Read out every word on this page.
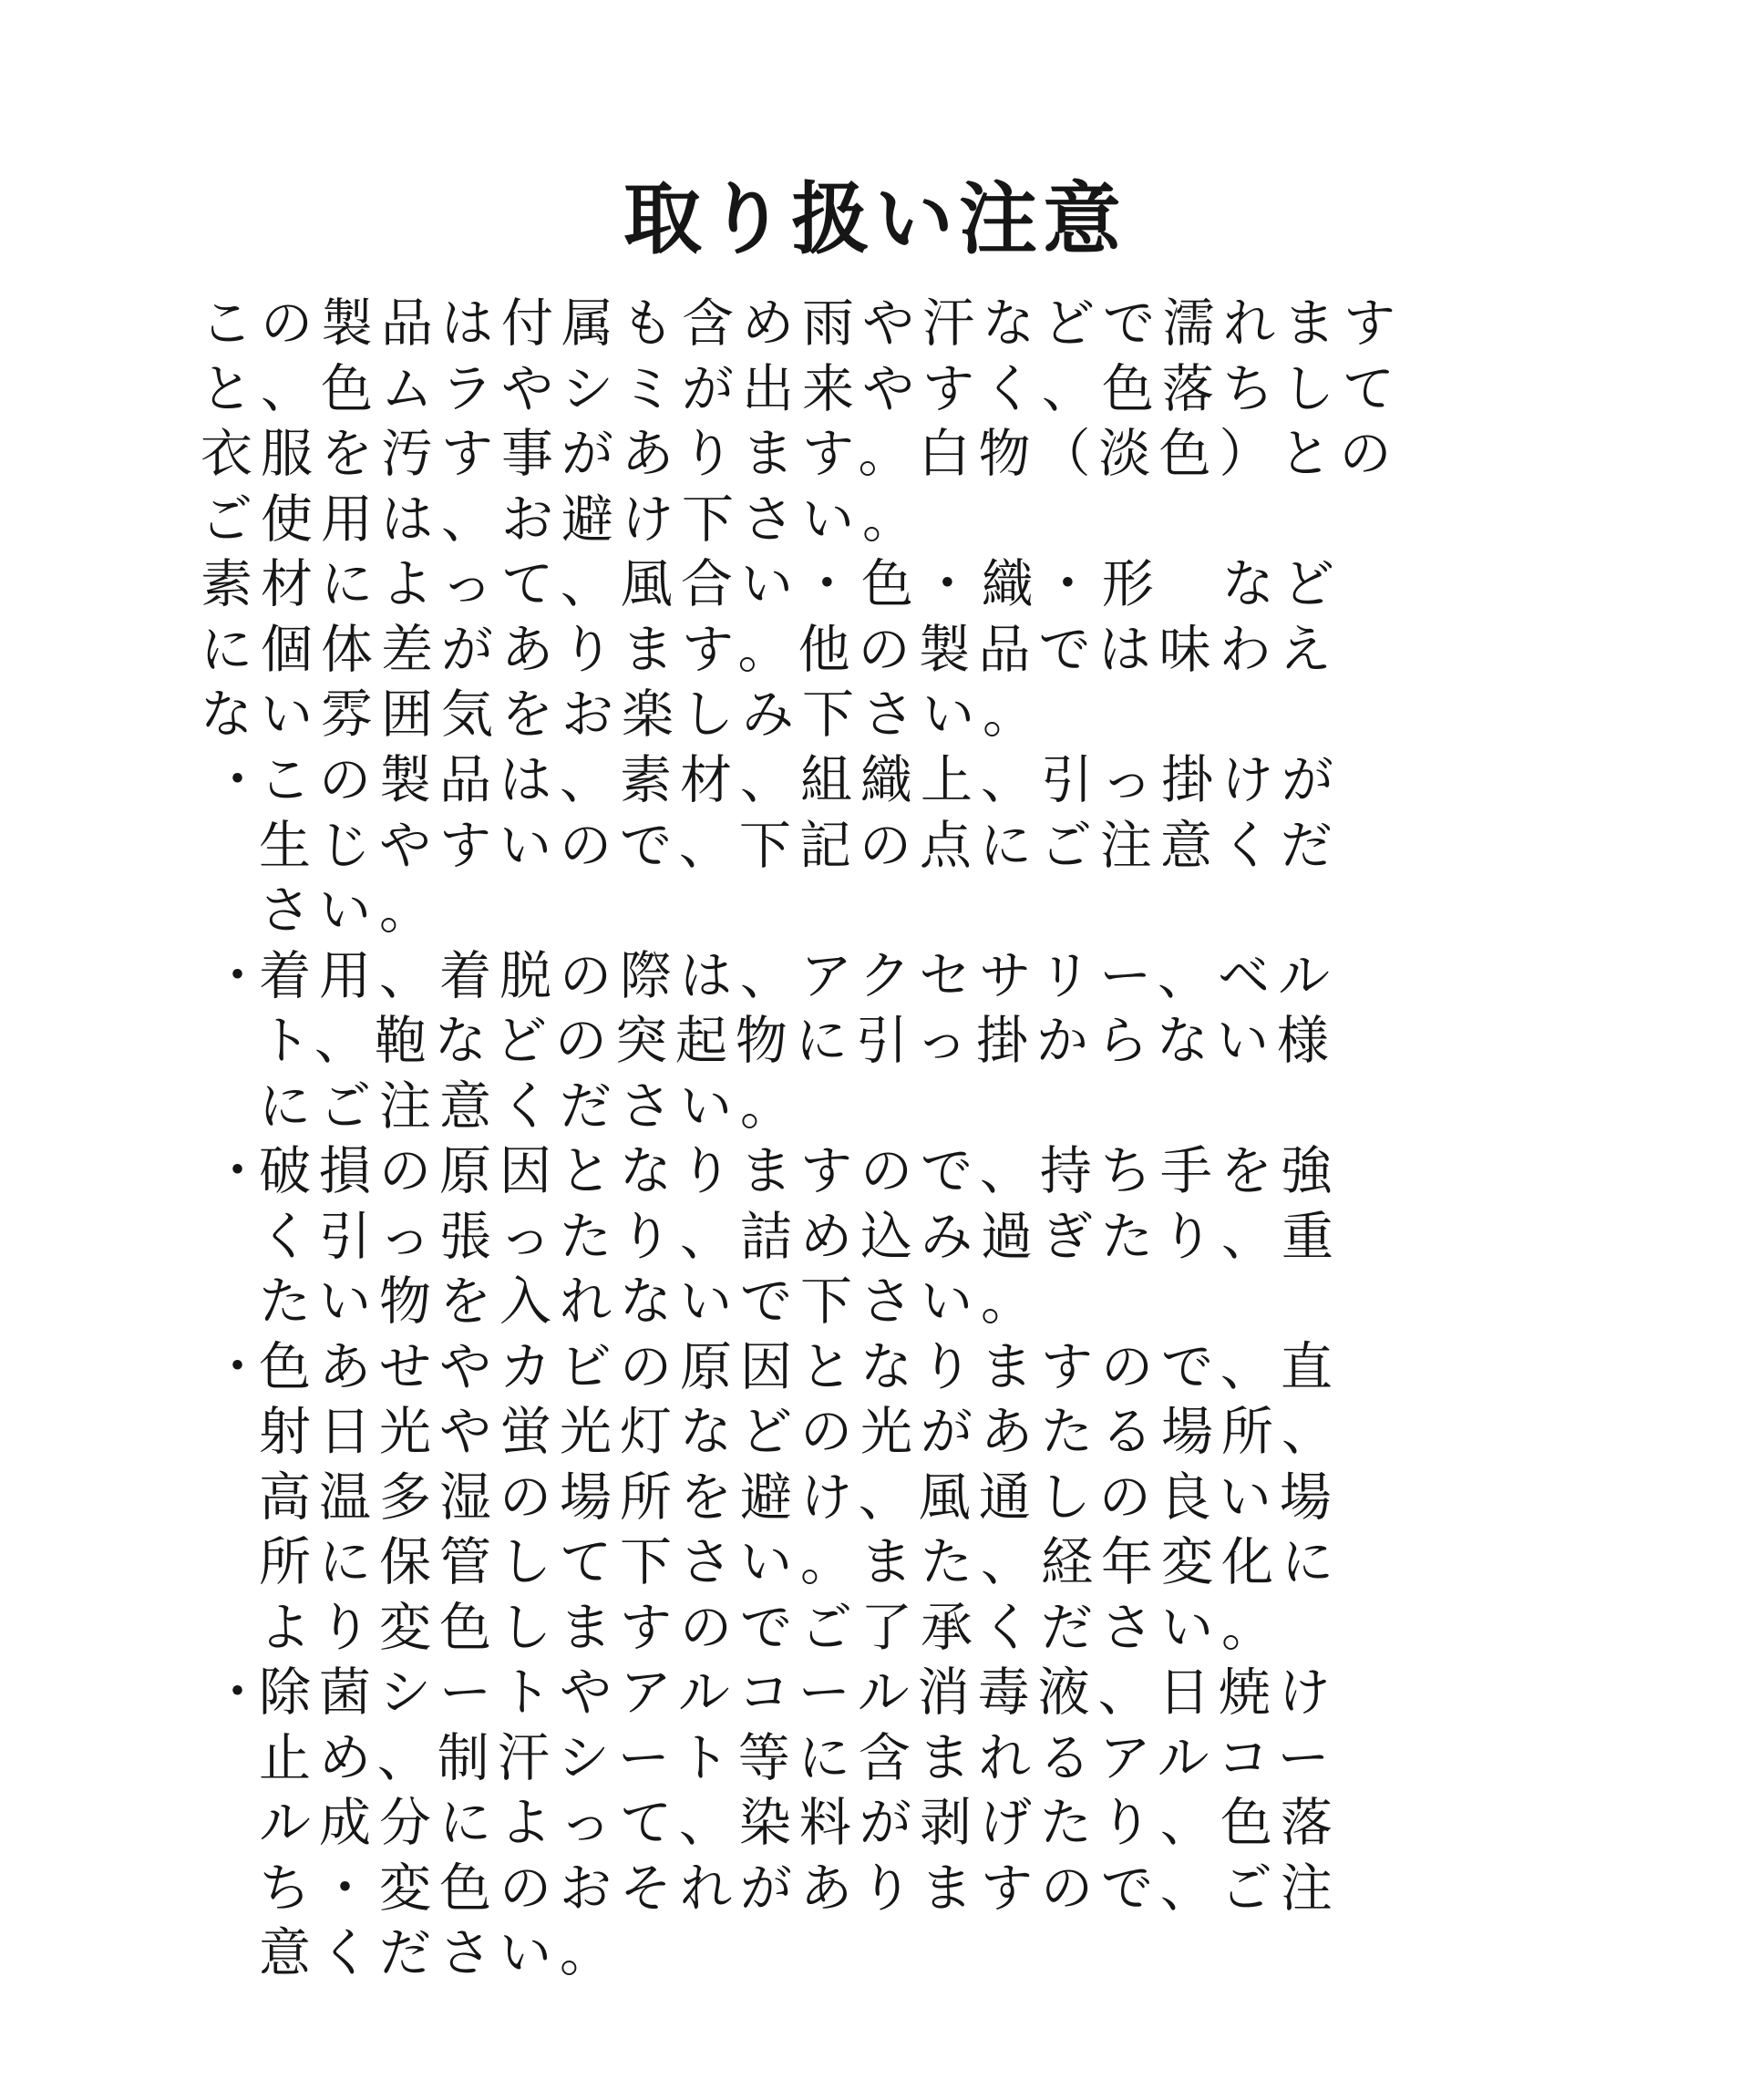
取り扱い注意
この製品は付属も含め雨や汗などで濡れます
と、色ムラやシミが出来やすく、色落ちして
衣服を汚す事があります。白物（淡色）との
ご使用は、お避け下さい。
素材によって、風合い・色・織・形　など
に個体差があります。他の製品では味わえ
ない雰囲気をお楽しみ下さい。
・
この製品は、素材、組織上、引っ掛けが
生じやすいので、下記の点にご注意くだ
さい。
・
着用、着脱の際は、アクセサリー、ベル
ト、鞄などの突起物に引っ掛からない様
にご注意ください。
・
破損の原因となりますので、持ち手を強
く引っ張ったり、詰め込み過ぎたり、重
たい物を入れないで下さい。
・
色あせやカビの原因となりますので、直
射日光や蛍光灯などの光があたる場所、
高温多湿の場所を避け、風通しの良い場
所に保管して下さい。また、経年変化に
より変色しますのでご了承ください。
・
除菌シートやアルコール消毒液、日焼け
止め、制汗シート等に含まれるアルコー
ル成分によって、染料が剥げたり、色落
ち・変色のおそれがありますので、ご注
意ください。
